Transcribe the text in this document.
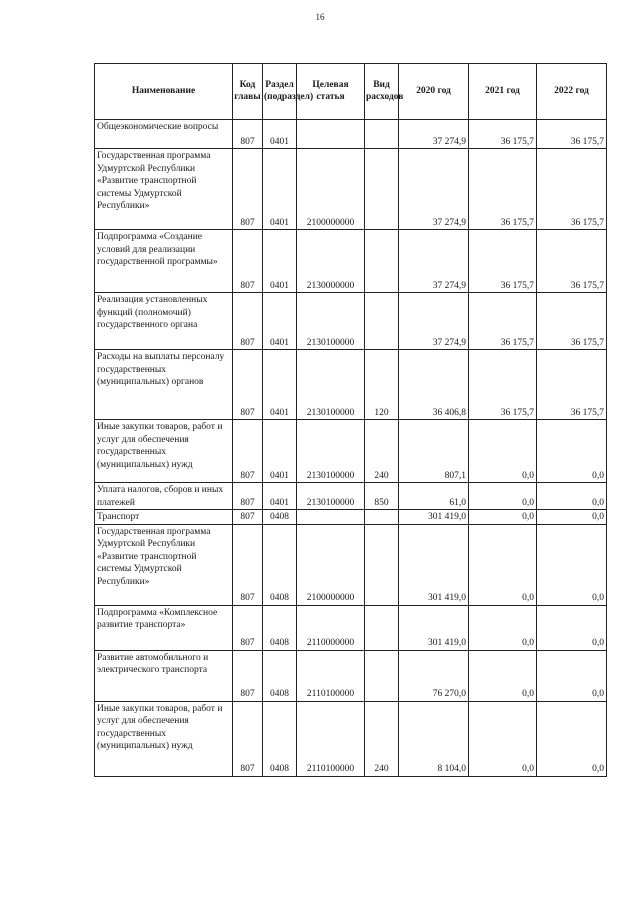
16
Наименование	Код главы	Раздел (подраздел)	Целевая статья	Вид расходов	2020 год	2021 год	2022 год
Общеэкономические вопросы	807	0401			37 274,9	36 175,7	36 175,7
Государственная программа Удмуртской Республики «Развитие транспортной системы Удмуртской Республики»	807	0401	2100000000		37 274,9	36 175,7	36 175,7
Подпрограмма «Создание условий для реализации государственной программы»	807	0401	2130000000		37 274,9	36 175,7	36 175,7
Реализация установленных функций (полномочий) государственного органа	807	0401	2130100000		37 274,9	36 175,7	36 175,7
Расходы на выплаты персоналу государственных (муниципальных) органов	807	0401	2130100000	120	36 406,8	36 175,7	36 175,7
Иные закупки товаров, работ и услуг для обеспечения государственных (муниципальных) нужд	807	0401	2130100000	240	807,1	0,0	0,0
Уплата налогов, сборов и иных платежей	807	0401	2130100000	850	61,0	0,0	0,0
Транспорт	807	0408			301 419,0	0,0	0,0
Государственная программа Удмуртской Республики «Развитие транспортной системы Удмуртской Республики»	807	0408	2100000000		301 419,0	0,0	0,0
Подпрограмма «Комплексное развитие транспорта»	807	0408	2110000000		301 419,0	0,0	0,0
Развитие автомобильного и электрического транспорта	807	0408	2110100000		76 270,0	0,0	0,0
Иные закупки товаров, работ и услуг для обеспечения государственных (муниципальных) нужд	807	0408	2110100000	240	8 104,0	0,0	0,0
